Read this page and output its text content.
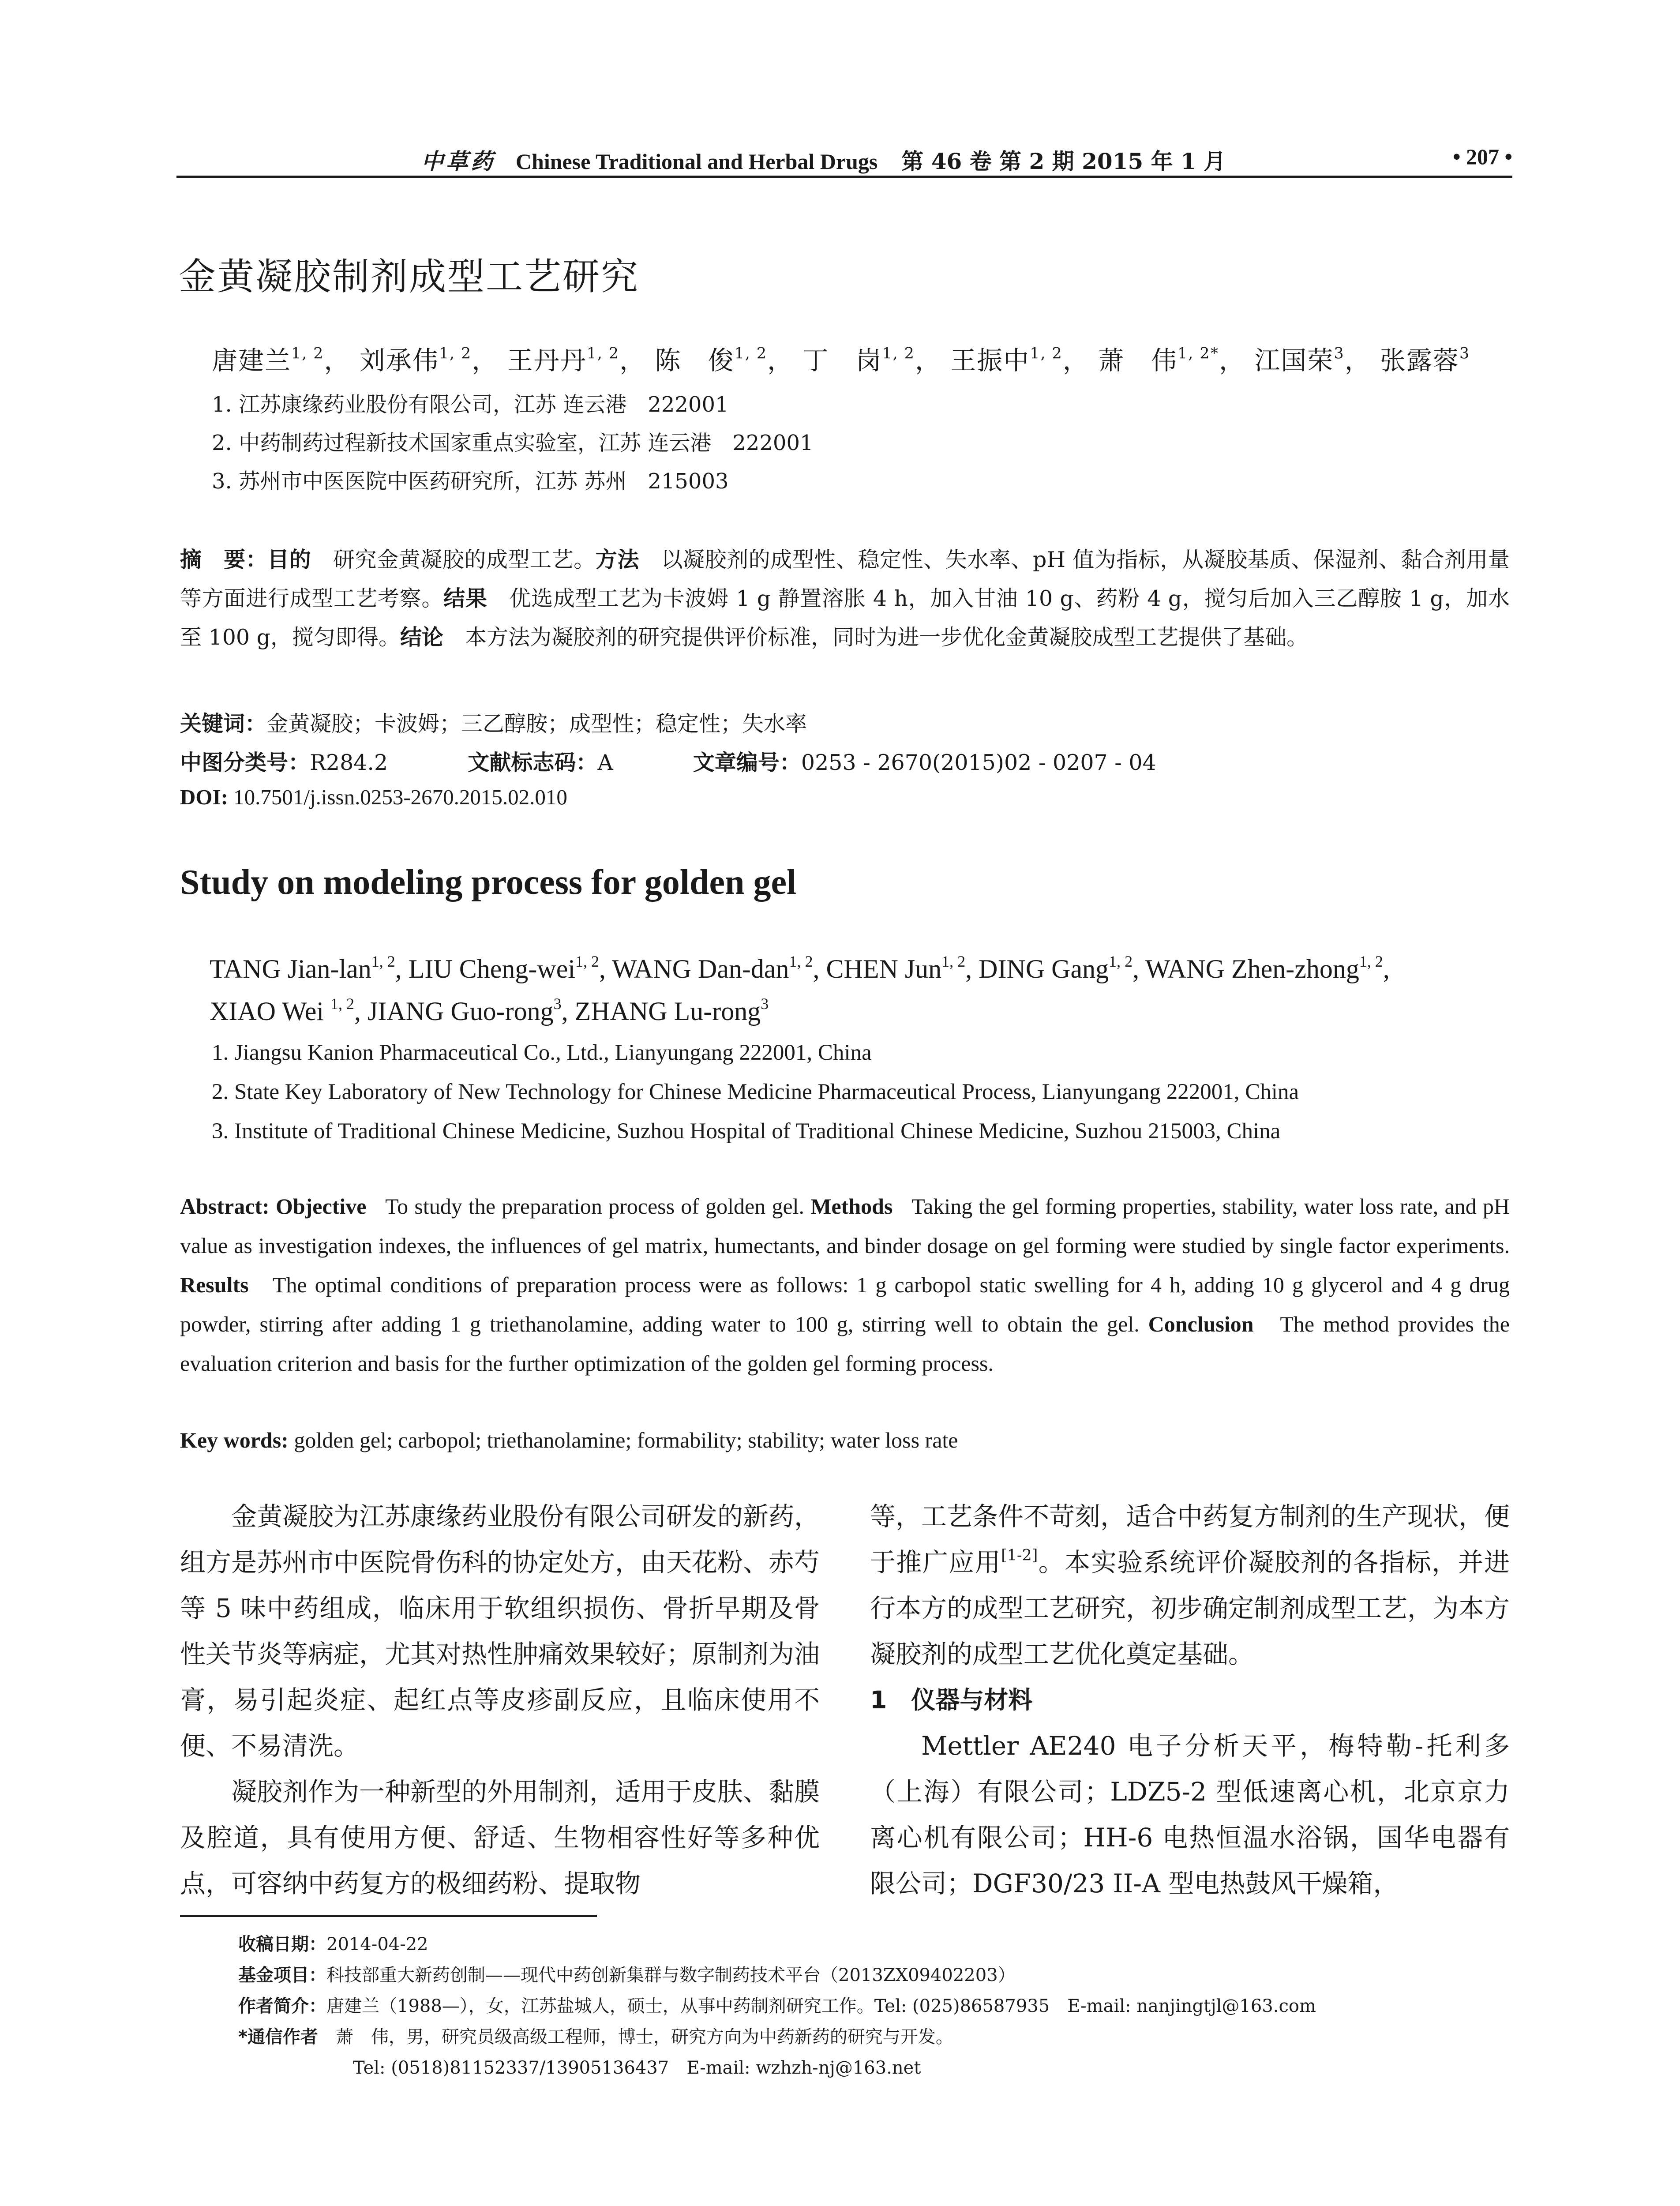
中草药 Chinese Traditional and Herbal Drugs 第 46 卷 第 2 期 2015 年 1 月	• 207 •
金黄凝胶制剂成型工艺研究
唐建兰$^{1, 2}$， 刘承伟$^{1, 2}$， 王丹丹$^{1, 2}$， 陈　俊$^{1, 2}$， 丁　岗$^{1, 2}$， 王振中$^{1, 2}$， 萧　伟$^{1, 2*}$， 江国荣$^3$， 张露蓉$^3$
1. 江苏康缘药业股份有限公司，江苏 连云港　222001
2. 中药制药过程新技术国家重点实验室，江苏 连云港　222001
3. 苏州市中医医院中医药研究所，江苏 苏州　215003
摘　要：目的　 研究金黄凝胶的成型工艺。方法　 以凝胶剂的成型性、稳定性、失水率、pH 值为指标，从凝胶基质、保湿剂、黏合剂用量等方面进行成型工艺考察。结果　 优选成型工艺为卡波姆 1 g 静置溶胀 4 h，加入甘油 10 g、药粉 4 g，搅匀后加入三乙醇胺 1 g，加水至 100 g，搅匀即得。结论　 本方法为凝胶剂的研究提供评价标准，同时为进一步优化金黄凝胶成型工艺提供了基础。
关键词：金黄凝胶；卡波姆；三乙醇胺；成型性；稳定性；失水率
中图分类号：R284.2	文献标志码：A	文章编号：0253 - 2670(2015)02 - 0207 - 04
DOI: 10.7501/j.issn.0253-2670.2015.02.010
Study on modeling process for golden gel
TANG Jian-lan$^{1, 2}$, LIU Cheng-wei$^{1, 2}$, WANG Dan-dan$^{1, 2}$, CHEN Jun$^{1, 2}$, DING Gang$^{1, 2}$, WANG Zhen-zhong$^{1, 2}$,
XIAO Wei $^{1, 2}$, JIANG Guo-rong$^3$, ZHANG Lu-rong$^3$
1. Jiangsu Kanion Pharmaceutical Co., Ltd., Lianyungang 222001, China
2. State Key Laboratory of New Technology for Chinese Medicine Pharmaceutical Process, Lianyungang 222001, China
3. Institute of Traditional Chinese Medicine, Suzhou Hospital of Traditional Chinese Medicine, Suzhou 215003, China
Abstract: Objective To study the preparation process of golden gel. Methods Taking the gel forming properties, stability, water loss rate, and pH value as investigation indexes, the influences of gel matrix, humectants, and binder dosage on gel forming were studied by single factor experiments. Results The optimal conditions of preparation process were as follows: 1 g carbopol static swelling for 4 h, adding 10 g glycerol and 4 g drug powder, stirring after adding 1 g triethanolamine, adding water to 100 g, stirring well to obtain the gel. Conclusion The method provides the evaluation criterion and basis for the further optimization of the golden gel forming process.
Key words: golden gel; carbopol; triethanolamine; formability; stability; water loss rate

金黄凝胶为江苏康缘药业股份有限公司研发的新药，组方是苏州市中医院骨伤科的协定处方，由天花粉、赤芍等 5 味中药组成，临床用于软组织损伤、骨折早期及骨性关节炎等病症，尤其对热性肿痛效果较好；原制剂为油膏，易引起炎症、起红点等皮疹副反应，且临床使用不便、不易清洗。

凝胶剂作为一种新型的外用制剂，适用于皮肤、黏膜及腔道，具有使用方便、舒适、生物相容性好等多种优点，可容纳中药复方的极细药粉、提取物

等，工艺条件不苛刻，适合中药复方制剂的生产现状，便于推广应用[1-2]。本实验系统评价凝胶剂的各指标，并进行本方的成型工艺研究，初步确定制剂成型工艺，为本方凝胶剂的成型工艺优化奠定基础。

1　仪器与材料

Mettler AE240 电子分析天平，梅特勒-托利多（上海）有限公司；LDZ5-2 型低速离心机，北京京力离心机有限公司；HH-6 电热恒温水浴锅，国华电器有限公司；DGF30/23 II-A 型电热鼓风干燥箱，

收稿日期：2014-04-22
基金项目：科技部重大新药创制——现代中药创新集群与数字制药技术平台（2013ZX09402203）
作者简介：唐建兰（1988—），女，江苏盐城人，硕士，从事中药制剂研究工作。Tel: (025)86587935　E-mail: nanjingtjl@163.com
*通信作者　 萧　伟，男，研究员级高级工程师，博士，研究方向为中药新药的研究与开发。
Tel: (0518)81152337/13905136437　E-mail: wzhzh-nj@163.net
